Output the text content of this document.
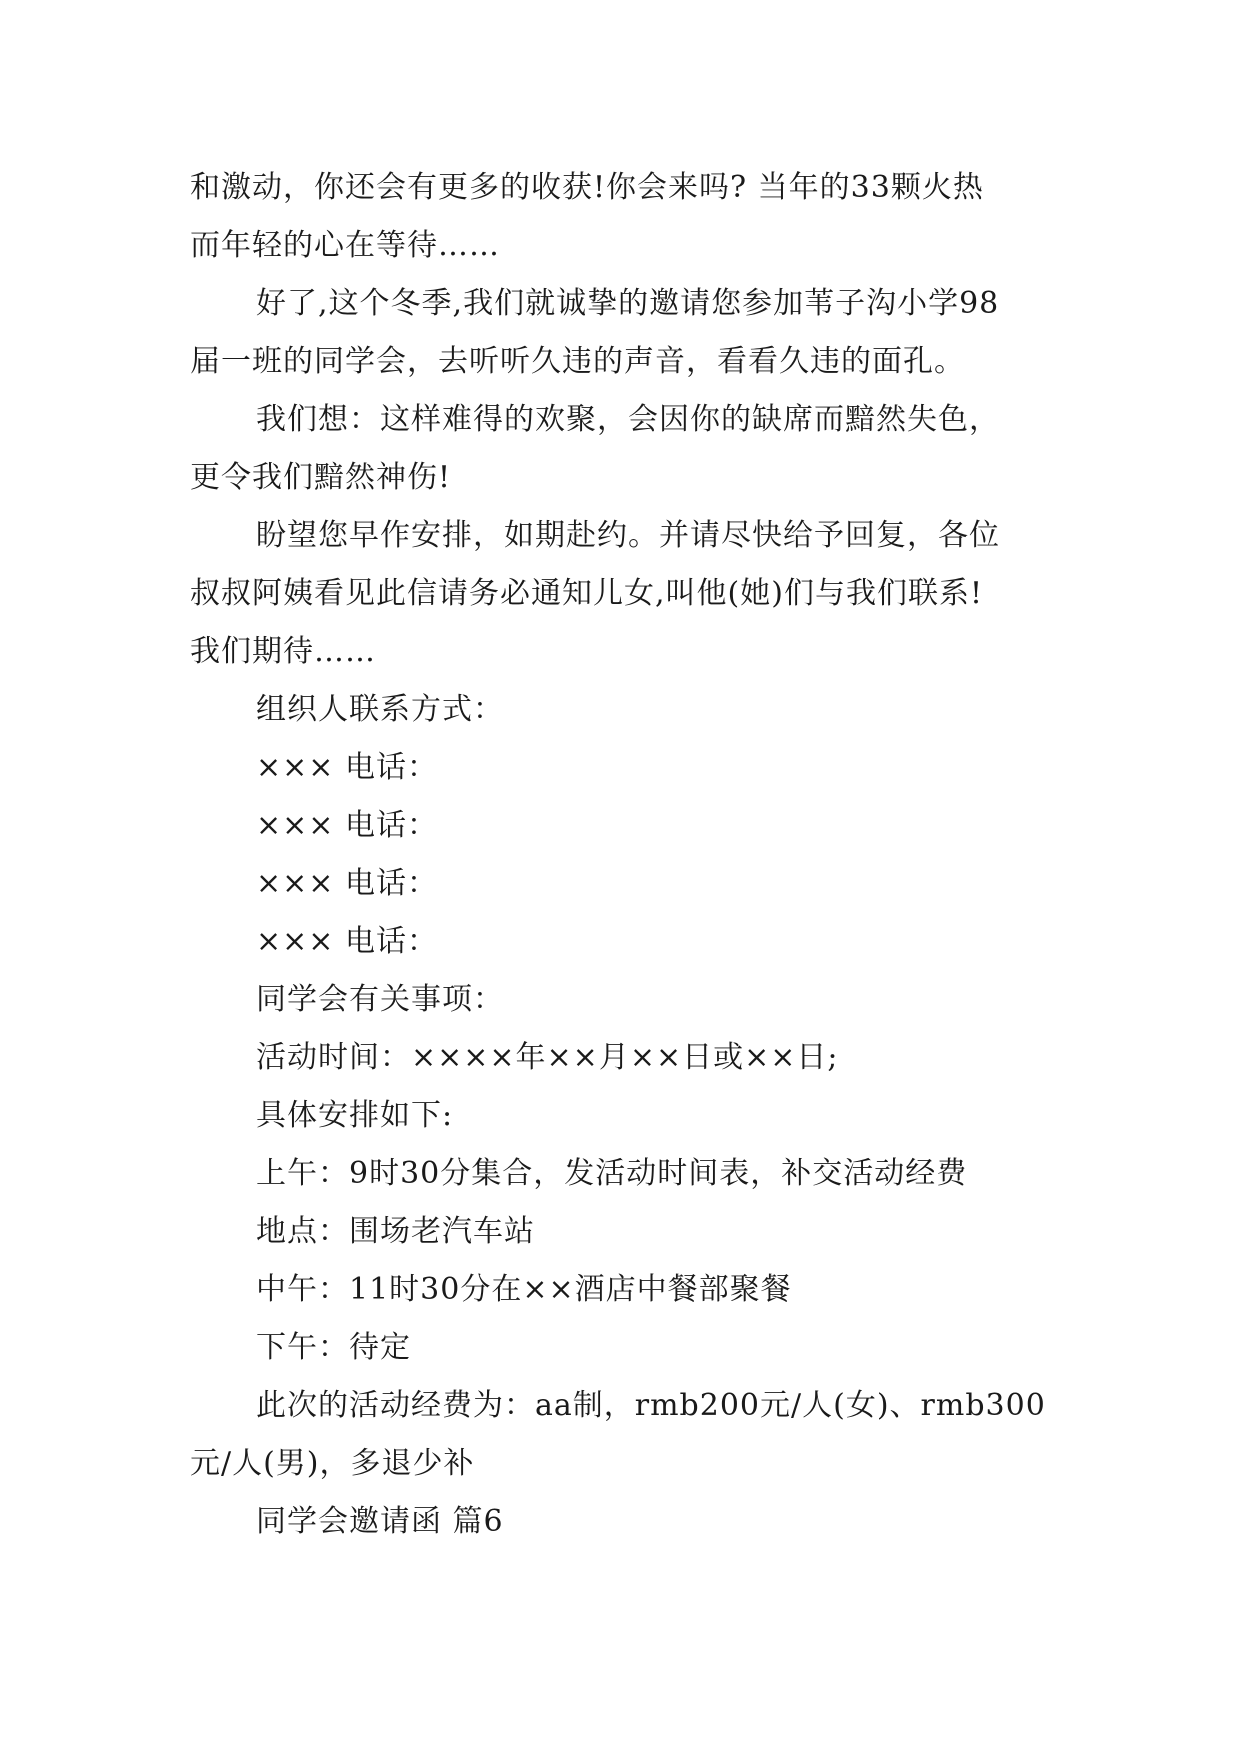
和激动，你还会有更多的收获!你会来吗? 当年的33颗火热
而年轻的心在等待……
好了,这个冬季,我们就诚挚的邀请您参加苇子沟小学98
届一班的同学会，去听听久违的声音，看看久违的面孔。
我们想：这样难得的欢聚，会因你的缺席而黯然失色，
更令我们黯然神伤!
盼望您早作安排，如期赴约。并请尽快给予回复，各位
叔叔阿姨看见此信请务必通知儿女,叫他(她)们与我们联系!
我们期待……
组织人联系方式：
××× 电话：
××× 电话：
××× 电话：
××× 电话：
同学会有关事项：
活动时间：××××年××月××日或××日;
具体安排如下:
上午：9时30分集合，发活动时间表，补交活动经费
地点：围场老汽车站
中午：11时30分在××酒店中餐部聚餐
下午：待定
此次的活动经费为：aa制，rmb200元/人(女)、rmb300
元/人(男)，多退少补
同学会邀请函 篇6
